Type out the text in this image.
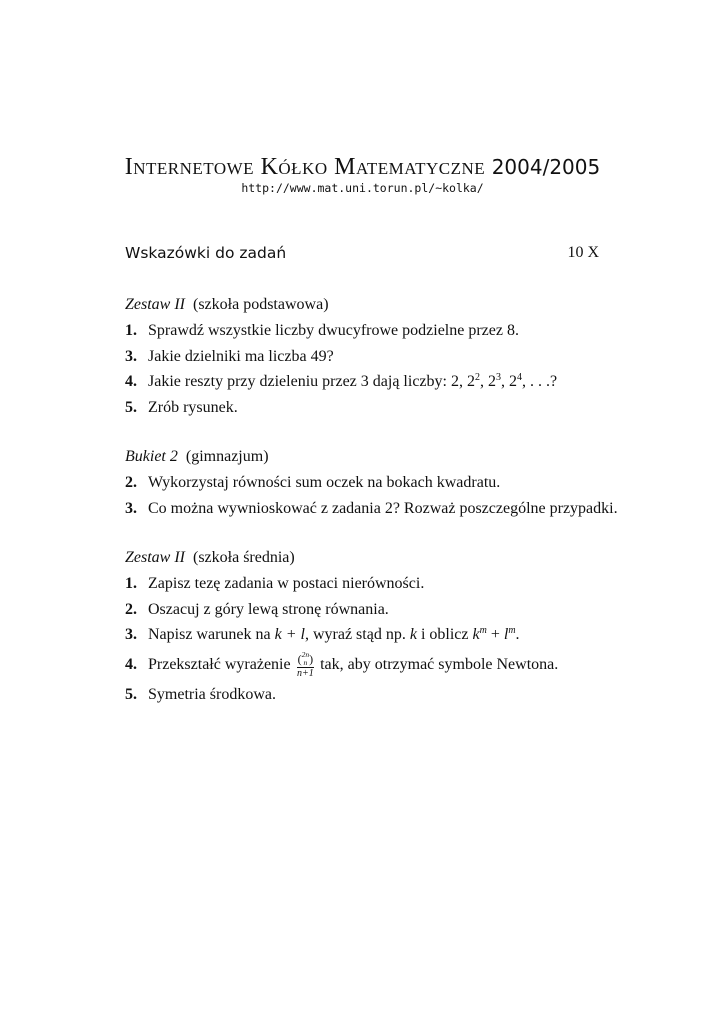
Internetowe Kółko Matematyczne 2004/2005
http://www.mat.uni.torun.pl/~kolka/
Wskazówki do zadań	10 X
Zestaw II (szkoła podstawowa)
1. Sprawdź wszystkie liczby dwucyfrowe podzielne przez 8.
3. Jakie dzielniki ma liczba 49?
4. Jakie reszty przy dzieleniu przez 3 dają liczby: 2, $2^2$, $2^3$, $2^4$, . . .?
5. Zrób rysunek.
Bukiet 2 (gimnazjum)
2. Wykorzystaj równości sum oczek na bokach kwadratu.
3. Co można wywnioskować z zadania 2? Rozważ poszczególne przypadki.
Zestaw II (szkoła średnia)
1. Zapisz tezę zadania w postaci nierówności.
2. Oszacuj z góry lewą stronę równania.
3. Napisz warunek na k + l, wyraź stąd np. k i oblicz $k^m + l^m$.
4. Przekształć wyrażenie (2n
n )
n+1
tak, aby otrzymać symbole Newtona.
5. Symetria środkowa.
